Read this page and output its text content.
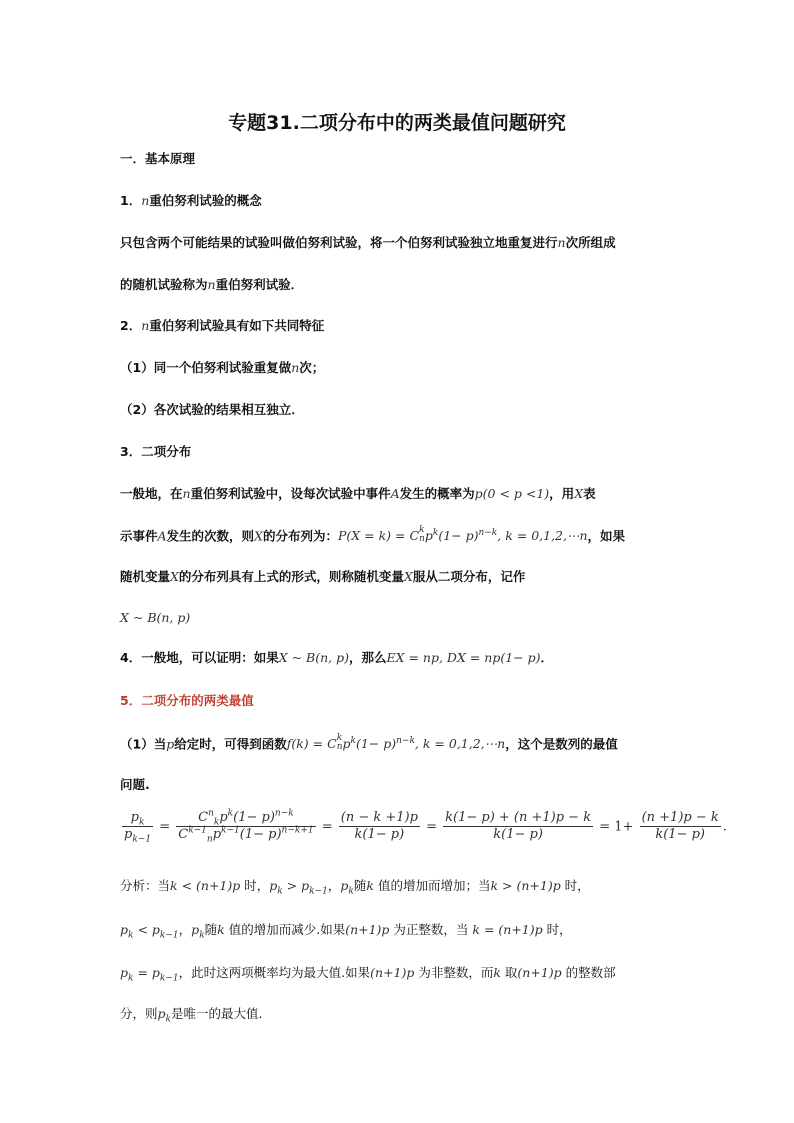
专题31.二项分布中的两类最值问题研究
一．基本原理
1．n重伯努利试验的概念
只包含两个可能结果的试验叫做伯努利试验，将一个伯努利试验独立地重复进行n次所组成
的随机试验称为n重伯努利试验．
2．n重伯努利试验具有如下共同特征
（1）同一个伯努利试验重复做n次；
（2）各次试验的结果相互独立．
3．二项分布
一般地，在n重伯努利试验中，设每次试验中事件A发生的概率为p(0 < p <1)，用X表
示事件A发生的次数，则X的分布列为：P(X = k) = C k
n $p^k(1- p)^{n-k}$, k = 0,1,2,⋯n，如果
随机变量X的分布列具有上式的形式，则称随机变量X服从二项分布，记作
X ~ B(n, p)
4．一般地，可以证明：如果X ~ B(n, p)，那么EX = np, DX = np(1− p)．
5．二项分布的两类最值
（1）当p给定时，可得到函数f(k) = C k
n $p^k(1- p)^{n-k}$, k = 0,1,2,⋯n，这个是数列的最值
问题.
$\frac{p_k}{p_{k-1}} = \frac{C^n_kp^k(1- p)^{n-k}}{C^{k-1}_np^{k-1}(1- p)^{n-k+1}} = \frac{(n - k +1)p}{k(1- p)} = \frac{k(1- p) + (n +1)p - k}{k(1- p)} = 1+ \frac{(n +1)p - k}{k(1- p)}$ .
分析：当k < (n+1)p 时，$p_k > p_{k-1}$，$p_k$随k 值的增加而增加；当k > (n+1)p 时，
$p_k < p_{k-1}$，$p_k$随k 值的增加而减少.如果(n+1)p 为正整数，当 k = (n+1)p 时，
$p_k = p_{k-1}$，此时这两项概率均为最大值.如果(n+1)p 为非整数，而k 取(n+1)p 的整数部
分，则$p_k$是唯一的最大值.
